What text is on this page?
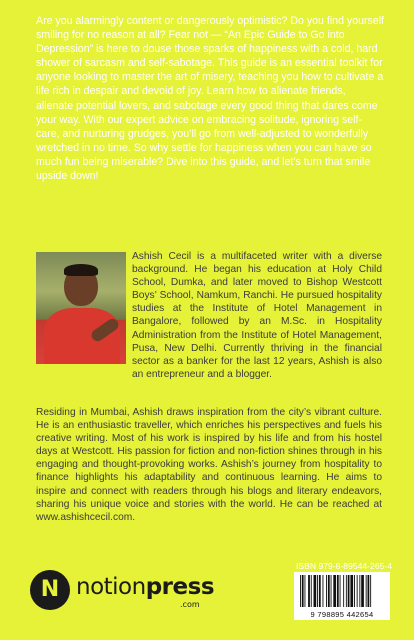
Are you alarmingly content or dangerously optimistic? Do you find yourself smiling for no reason at all? Fear not — “An Epic Guide to Go into Depression” is here to douse those sparks of happiness with a cold, hard shower of sarcasm and self-sabotage. This guide is an essential toolkit for anyone looking to master the art of misery, teaching you how to cultivate a life rich in despair and devoid of joy. Learn how to alienate friends, alienate potential lovers, and sabotage every good thing that dares come your way. With our expert advice on embracing solitude, ignoring self-care, and nurturing grudges, you’ll go from well-adjusted to wonderfully wretched in no time. So why settle for happiness when you can have so much fun being miserable? Dive into this guide, and let’s turn that smile upside down!

Ashish Cecil is a multifaceted writer with a diverse background. He began his education at Holy Child School, Dumka, and later moved to Bishop Westcott Boys’ School, Namkum, Ranchi. He pursued hospitality studies at the Institute of Hotel Management in Bangalore, followed by an M.Sc. in Hospitality Administration from the Institute of Hotel Management, Pusa, New Delhi. Currently thriving in the financial sector as a banker for the last 12 years, Ashish is also an entrepreneur and a blogger.

Residing in Mumbai, Ashish draws inspiration from the city’s vibrant culture. He is an enthusiastic traveller, which enriches his perspectives and fuels his creative writing. Most of his work is inspired by his life and from his hostel days at Westcott. His passion for fiction and non-fiction shines through in his engaging and thought-provoking works. Ashish’s journey from hospitality to finance highlights his adaptability and continuous learning. He aims to inspire and connect with readers through his blogs and literary endeavors, sharing his unique voice and stories with the world. He can be reached at www.ashishcecil.com.

N notionpress
.com
ISBN 979-8-89544-265-4
9 798895 442654
